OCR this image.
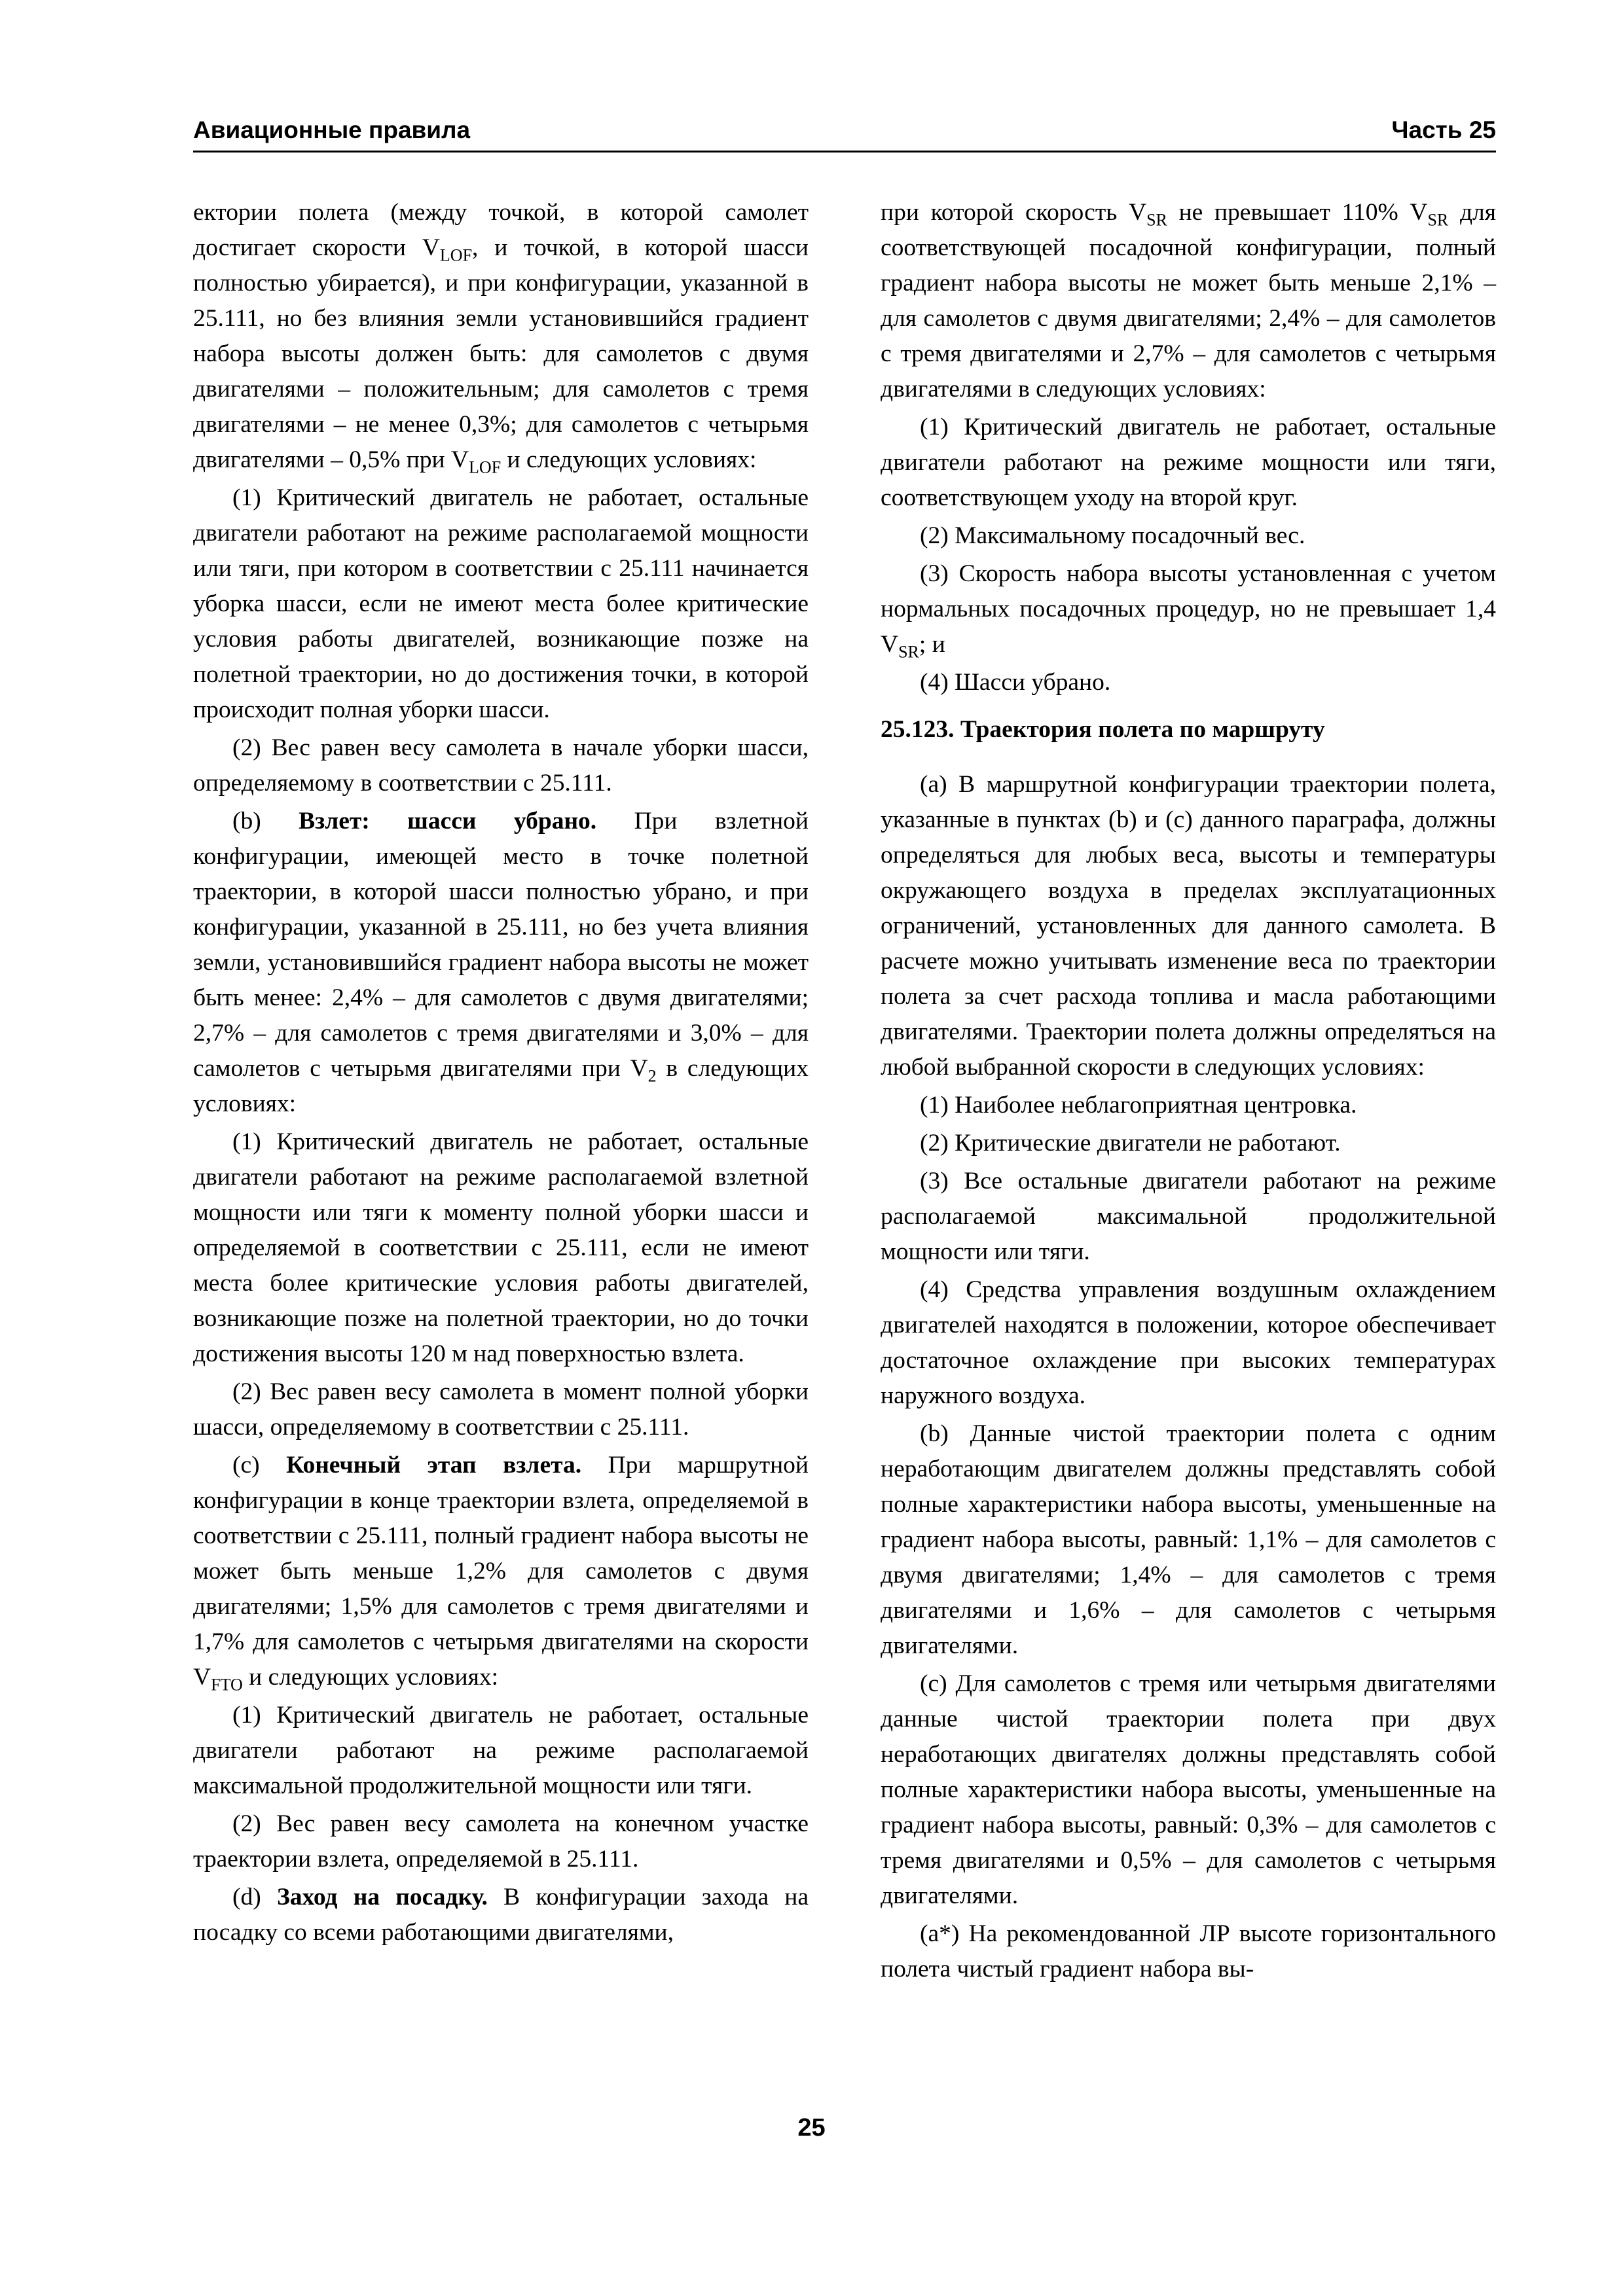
Авиационные правила	Часть 25

ектории полета (между точкой, в которой самолет достигает скорости $V_{LOF}$, и точкой, в которой шасси полностью убирается), и при конфигурации, указанной в 25.111, но без влияния земли установившийся градиент набора высоты должен быть: для самолетов с двумя двигателями – положительным; для самолетов с тремя двигателями – не менее 0,3%; для самолетов с четырьмя двигателями – 0,5% при $V_{LOF}$ и следующих условиях:

(1) Критический двигатель не работает, остальные двигатели работают на режиме располагаемой мощности или тяги, при котором в соответствии с 25.111 начинается уборка шасси, если не имеют места более критические условия работы двигателей, возникающие позже на полетной траектории, но до достижения точки, в которой происходит полная уборки шасси.

(2) Вес равен весу самолета в начале уборки шасси, определяемому в соответствии с 25.111.

(b) Взлет: шасси убрано. При взлетной конфигурации, имеющей место в точке полетной траектории, в которой шасси полностью убрано, и при конфигурации, указанной в 25.111, но без учета влияния земли, установившийся градиент набора высоты не может быть менее: 2,4% – для самолетов с двумя двигателями; 2,7% – для самолетов с тремя двигателями и 3,0% – для самолетов с четырьмя двигателями при $V_2$ в следующих условиях:

(1) Критический двигатель не работает, остальные двигатели работают на режиме располагаемой взлетной мощности или тяги к моменту полной уборки шасси и определяемой в соответствии с 25.111, если не имеют места более критические условия работы двигателей, возникающие позже на полетной траектории, но до точки достижения высоты 120 м над поверхностью взлета.

(2) Вес равен весу самолета в момент полной уборки шасси, определяемому в соответствии с 25.111.

(c) Конечный этап взлета. При маршрутной конфигурации в конце траектории взлета, определяемой в соответствии с 25.111, полный градиент набора высоты не может быть меньше 1,2% для самолетов с двумя двигателями; 1,5% для самолетов с тремя двигателями и 1,7% для самолетов с четырьмя двигателями на скорости $V_{FTO}$ и следующих условиях:

(1) Критический двигатель не работает, остальные двигатели работают на режиме располагаемой максимальной продолжительной мощности или тяги.

(2) Вес равен весу самолета на конечном участке траектории взлета, определяемой в 25.111.

(d) Заход на посадку. В конфигурации захода на посадку со всеми работающими двигателями,

при которой скорость $V_{SR}$ не превышает 110% $V_{SR}$ для соответствующей посадочной конфигурации, полный градиент набора высоты не может быть меньше 2,1% – для самолетов с двумя двигателями; 2,4% – для самолетов с тремя двигателями и 2,7% – для самолетов с четырьмя двигателями в следующих условиях:

(1) Критический двигатель не работает, остальные двигатели работают на режиме мощности или тяги, соответствующем уходу на второй круг.

(2) Максимальному посадочный вес.

(3) Скорость набора высоты установленная с учетом нормальных посадочных процедур, но не превышает 1,4 $V_{SR}$; и

(4) Шасси убрано.

25.123. Траектория полета по маршруту

(а) В маршрутной конфигурации траектории полета, указанные в пунктах (b) и (c) данного параграфа, должны определяться для любых веса, высоты и температуры окружающего воздуха в пределах эксплуатационных ограничений, установленных для данного самолета. В расчете можно учитывать изменение веса по траектории полета за счет расхода топлива и масла работающими двигателями. Траектории полета должны определяться на любой выбранной скорости в следующих условиях:

(1) Наиболее неблагоприятная центровка.

(2) Критические двигатели не работают.

(3) Все остальные двигатели работают на режиме располагаемой максимальной продолжительной мощности или тяги.

(4) Средства управления воздушным охлаждением двигателей находятся в положении, которое обеспечивает достаточное охлаждение при высоких температурах наружного воздуха.

(b) Данные чистой траектории полета с одним неработающим двигателем должны представлять собой полные характеристики набора высоты, уменьшенные на градиент набора высоты, равный: 1,1% – для самолетов с двумя двигателями; 1,4% – для самолетов с тремя двигателями и 1,6% – для самолетов с четырьмя двигателями.

(c) Для самолетов с тремя или четырьмя двигателями данные чистой траектории полета при двух неработающих двигателях должны представлять собой полные характеристики набора высоты, уменьшенные на градиент набора высоты, равный: 0,3% – для самолетов с тремя двигателями и 0,5% – для самолетов с четырьмя двигателями.

(а*) На рекомендованной ЛР высоте горизонтального полета чистый градиент набора вы-

25
